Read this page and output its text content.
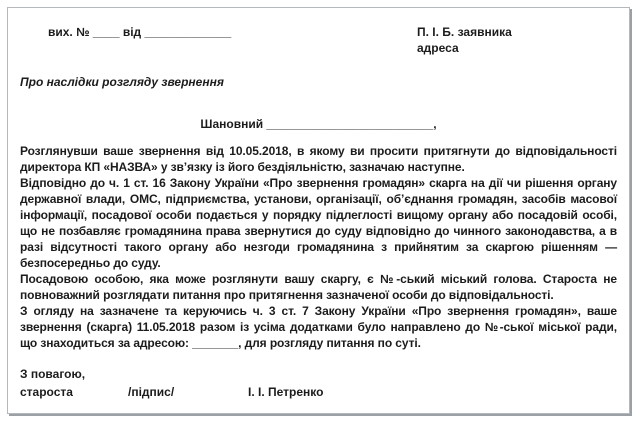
вих. № ____ від _____________	П. І. Б. заявника
адреса
Про наслідки розгляду звернення
Шановний _________________________,

Розглянувши ваше звернення від 10.05.2018, в якому ви просити притягнути до відповідальності директора КП «НАЗВА» у зв’язку із його бездіяльністю, зазначаю наступне.

Відповідно до ч. 1 ст. 16 Закону України «Про звернення громадян» скарга на дії чи рішення органу державної влади, ОМС, підприємства, установи, організації, об’єднання громадян, засобів масової інформації, посадової особи подається у порядку підлеглості вищому органу або посадовій особі, що не позбавляє громадянина права звернутися до суду відповідно до чинного законодавства, а в разі відсутності такого органу або незгоди громадянина з прийнятим за скаргою рішенням — безпосередньо до суду.

Посадовою особою, яка може розглянути вашу скаргу, є №-ський міський голова. Староста не повноважний розглядати питання про притягнення зазначеної особи до відповідальності.

З огляду на зазначене та керуючись ч. 3 ст. 7 Закону України «Про звернення громадян», ваше звернення (скарга) 11.05.2018 разом із усіма додатками було направлено до №-ської міської ради, що знаходиться за адресою: _______, для розгляду питання по суті.

З повагою,
староста	/підпис/	І. І. Петренко
